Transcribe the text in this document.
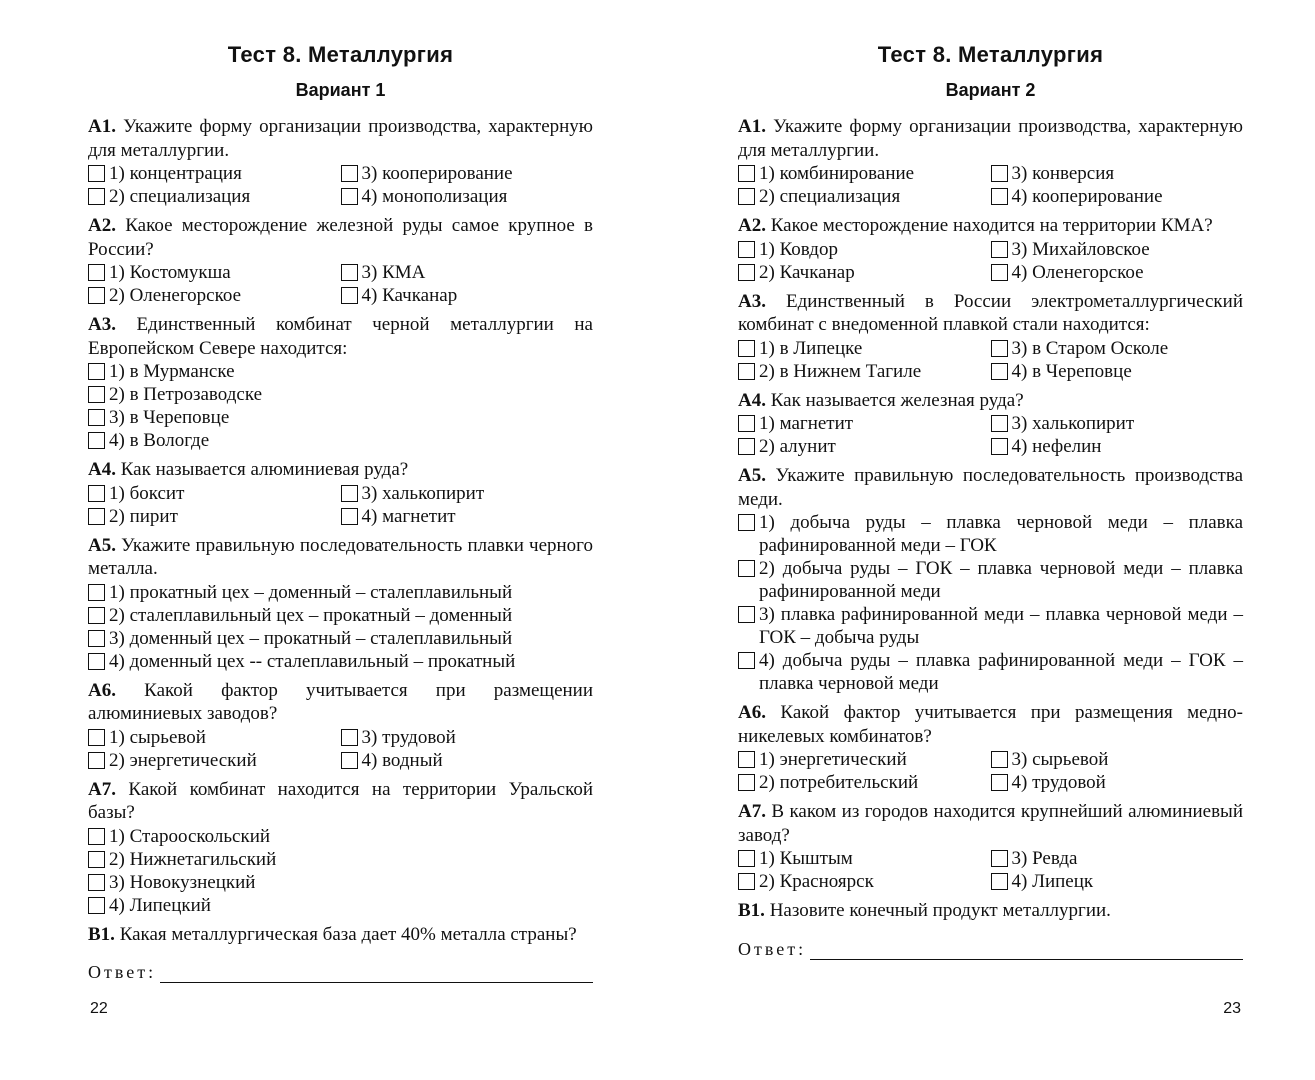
Тест 8. Металлургия
Вариант 1
А1. Укажите форму организации производства, характерную для металлургии.
1) концентрация	3) кооперирование
2) специализация	4) монополизация
А2. Какое месторождение железной руды самое крупное в России?
1) Костомукша	3) КМА
2) Оленегорское	4) Качканар
А3. Единственный комбинат черной металлургии на Европейском Севере находится:
1) в Мурманске
2) в Петрозаводске
3) в Череповце
4) в Вологде
А4. Как называется алюминиевая руда?
1) боксит	3) халькопирит
2) пирит	4) магнетит
А5. Укажите правильную последовательность плавки черного металла.
1) прокатный цех – доменный – сталеплавильный
2) сталеплавильный цех – прокатный – доменный
3) доменный цех – прокатный – сталеплавильный
4) доменный цех -- сталеплавильный – прокатный
А6. Какой фактор учитывается при размещении алюминиевых заводов?
1) сырьевой	3) трудовой
2) энергетический	4) водный
А7. Какой комбинат находится на территории Уральской базы?
1) Старооскольский
2) Нижнетагильский
3) Новокузнецкий
4) Липецкий
В1. Какая металлургическая база дает 40% металла страны?
Ответ:
22
Тест 8. Металлургия
Вариант 2
А1. Укажите форму организации производства, характерную для металлургии.
1) комбинирование	3) конверсия
2) специализация	4) кооперирование
А2. Какое месторождение находится на территории КМА?
1) Ковдор	3) Михайловское
2) Качканар	4) Оленегорское
А3. Единственный в России электрометаллургический комбинат с внедоменной плавкой стали находится:
1) в Липецке	3) в Старом Осколе
2) в Нижнем Тагиле	4) в Череповце
А4. Как называется железная руда?
1) магнетит	3) халькопирит
2) алунит	4) нефелин
А5. Укажите правильную последовательность производства меди.
1) добыча руды – плавка черновой меди – плавка рафинированной меди – ГОК
2) добыча руды – ГОК – плавка черновой меди – плавка рафинированной меди
3) плавка рафинированной меди – плавка черновой меди – ГОК – добыча руды
4) добыча руды – плавка рафинированной меди – ГОК – плавка черновой меди
А6. Какой фактор учитывается при размещения медно-никелевых комбинатов?
1) энергетический	3) сырьевой
2) потребительский	4) трудовой
А7. В каком из городов находится крупнейший алюминиевый завод?
1) Кыштым	3) Ревда
2) Красноярск	4) Липецк
В1. Назовите конечный продукт металлургии.
Ответ:
23
